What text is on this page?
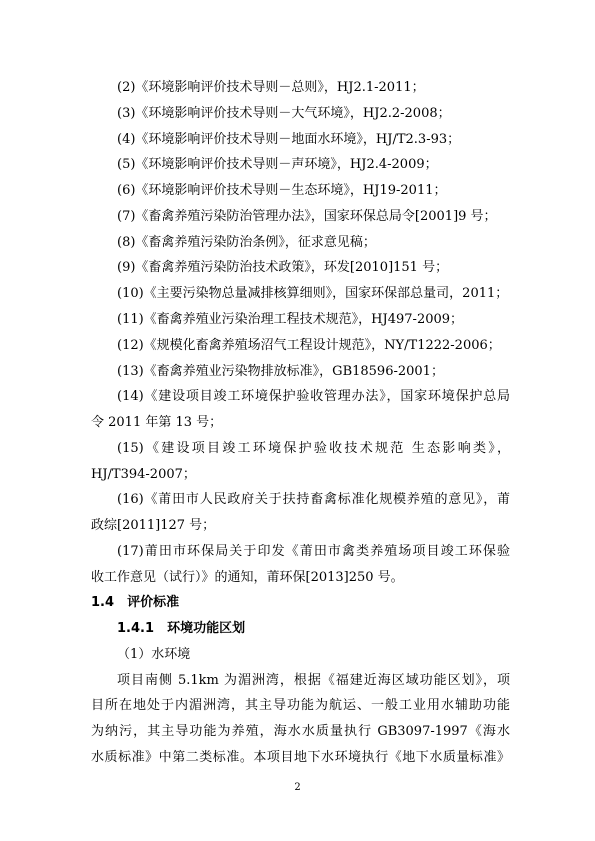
(2)《环境影响评价技术导则－总则》，HJ2.1-2011；
(3)《环境影响评价技术导则－大气环境》，HJ2.2-2008；
(4)《环境影响评价技术导则－地面水环境》，HJ/T2.3-93；
(5)《环境影响评价技术导则－声环境》，HJ2.4-2009；
(6)《环境影响评价技术导则－生态环境》，HJ19-2011；
(7)《畜禽养殖污染防治管理办法》，国家环保总局令[2001]9 号；
(8)《畜禽养殖污染防治条例》，征求意见稿；
(9)《畜禽养殖污染防治技术政策》，环发[2010]151 号；
(10)《主要污染物总量减排核算细则》，国家环保部总量司，2011；
(11)《畜禽养殖业污染治理工程技术规范》，HJ497-2009；
(12)《规模化畜禽养殖场沼气工程设计规范》，NY/T1222-2006；
(13)《畜禽养殖业污染物排放标准》，GB18596-2001；
(14)《建设项目竣工环境保护验收管理办法》，国家环境保护总局
令 2011 年第 13 号；
(15)《建设项目竣工环境保护验收技术规范 生态影响类》，
HJ/T394-2007；
(16)《莆田市人民政府关于扶持畜禽标准化规模养殖的意见》，莆
政综[2011]127 号；
(17)莆田市环保局关于印发《莆田市禽类养殖场项目竣工环保验
收工作意见（试行）》的通知，莆环保[2013]250 号。
1.4 评价标准
1.4.1 环境功能区划
（1）水环境
项目南侧 5.1km 为湄洲湾，根据《福建近海区域功能区划》，项
目所在地处于内湄洲湾，其主导功能为航运、一般工业用水辅助功能
为纳污，其主导功能为养殖，海水水质量执行 GB3097-1997《海水
水质标准》中第二类标准。本项目地下水环境执行《地下水质量标准》
2
